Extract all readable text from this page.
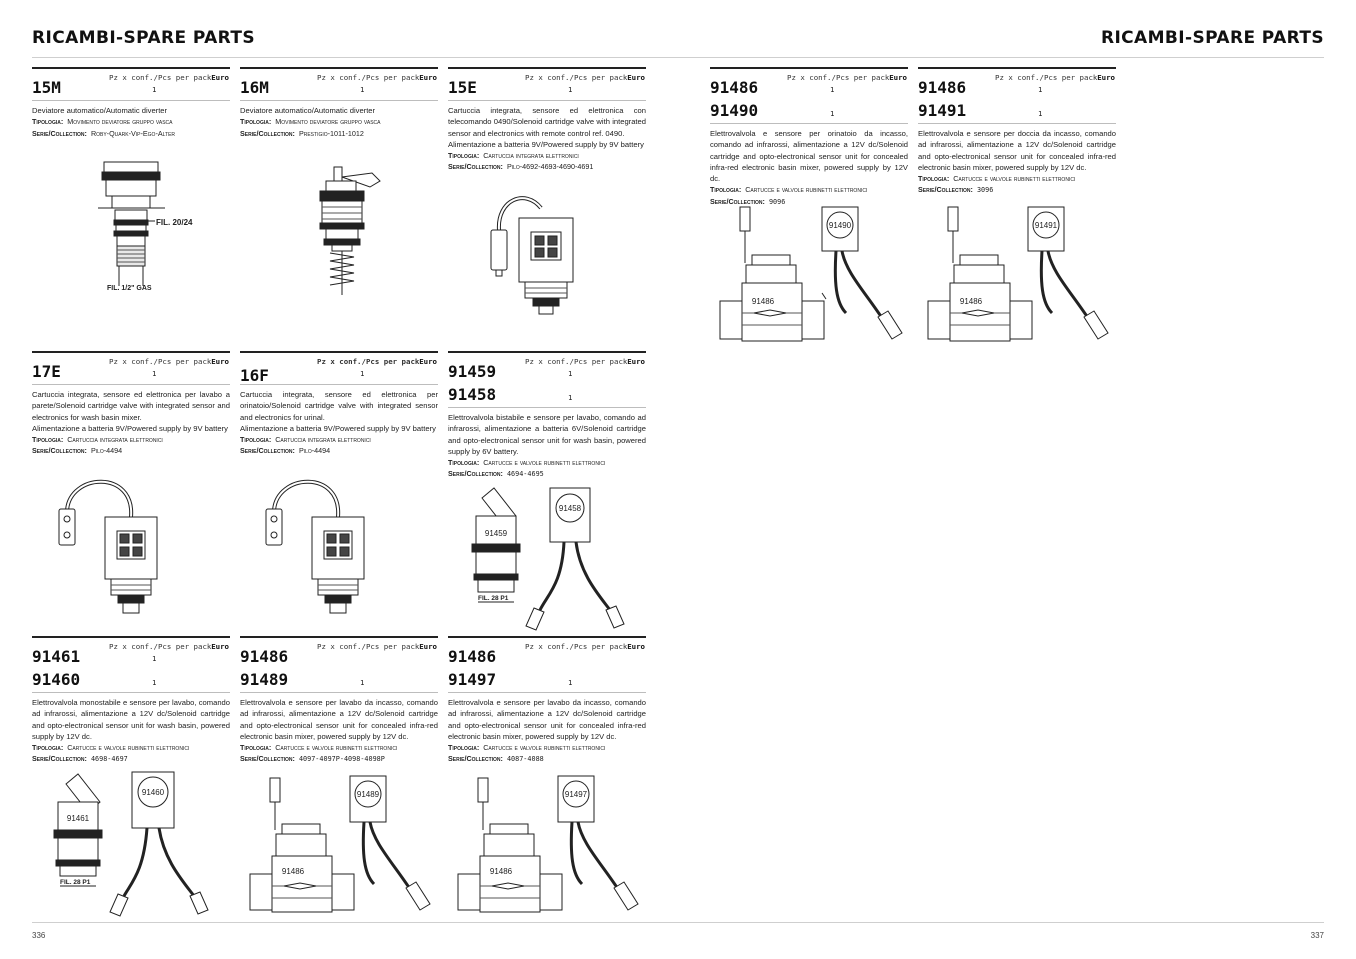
RICAMBI-SPARE PARTS	RICAMBI-SPARE PARTS
336	337
15M
Pz x conf./Pcs per pack Euro
1

Deviatore automatico/Automatic diverter

Tipologia: Movimento deviatore gruppo vasca

Serie/Collection: Roby-Quark-Vip-Ego-Alter

FIL. 20/24
FIL. 1/2" GAS
16M
Pz x conf./Pcs per pack Euro
1

Deviatore automatico/Automatic diverter

Tipologia: Movimento deviatore gruppo vasca

Serie/Collection: Prestigio-1011-1012

15E
Pz x conf./Pcs per pack Euro
1

Cartuccia integrata, sensore ed elettronica con telecomando 0490/Solenoid cartridge valve with integrated sensor and electronics with remote control ref. 0490.

Alimentazione a batteria 9V/Powered supply by 9V battery

Tipologia: Cartuccia integrata elettronici

Serie/Collection: Pilo-4692-4693-4690-4691

91486
91490
Pz x conf./Pcs per pack Euro
1
1

Elettrovalvola e sensore per orinatoio da incasso, comando ad infrarossi, alimentazione a 12V dc/Solenoid cartridge and opto-electronical sensor unit for concealed infra-red electronic basin mixer, powered supply by 12V dc.

Tipologia: Cartucce e valvole rubinetti elettronici

Serie/Collection: 9096

91490
91486
91486
91491
Pz x conf./Pcs per pack Euro
1
1

Elettrovalvola e sensore per doccia da incasso, comando ad infrarossi, alimentazione a 12V dc/Solenoid cartridge and opto-electronical sensor unit for concealed infra-red electronic basin mixer, powered supply by 12V dc.

Tipologia: Cartucce e valvole rubinetti elettronici

Serie/Collection: 3096

91491
91486
17E
Pz x conf./Pcs per pack Euro
1

Cartuccia integrata, sensore ed elettronica per lavabo a parete/Solenoid cartridge valve with integrated sensor and electronics for wash basin mixer.

Alimentazione a batteria 9V/Powered supply by 9V battery

Tipologia: Cartuccia integrata elettronici

Serie/Collection: Pilo-4494

16F
Pz x conf./Pcs per pack Euro
1

Cartuccia integrata, sensore ed elettronica per orinatoio/Solenoid cartridge valve with integrated sensor and electronics for urinal.

Alimentazione a batteria 9V/Powered supply by 9V battery

Tipologia: Cartuccia integrata elettronici

Serie/Collection: Pilo-4494

91459
91458
Pz x conf./Pcs per pack Euro
1
1

Elettrovalvola bistabile e sensore per lavabo, comando ad infrarossi, alimentazione a batteria 6V/Solenoid cartridge and opto-electronical sensor unit for wash basin, powered supply by 6V battery.

Tipologia: Cartucce e valvole rubinetti elettronici

Serie/Collection: 4694-4695

91458
91459
FIL. 28 P1
91461
91460
Pz x conf./Pcs per pack Euro
1
1

Elettrovalvola monostabile e sensore per lavabo, comando ad infrarossi, alimentazione a 12V dc/Solenoid cartridge and opto-electronical sensor unit for wash basin, powered supply by 12V dc.

Tipologia: Cartucce e valvole rubinetti elettronici

Serie/Collection: 4698-4697

91460
91461
FIL. 28 P1
91486
91489
Pz x conf./Pcs per pack Euro
1

Elettrovalvola e sensore per lavabo da incasso, comando ad infrarossi, alimentazione a 12V dc/Solenoid cartridge and opto-electronical sensor unit for concealed infra-red electronic basin mixer, powered supply by 12V dc.

Tipologia: Cartucce e valvole rubinetti elettronici

Serie/Collection: 4097-4097P-4098-4098P

91489
91486
91486
91497
Pz x conf./Pcs per pack Euro
1

Elettrovalvola e sensore per lavabo da incasso, comando ad infrarossi, alimentazione a 12V dc/Solenoid cartridge and opto-electronical sensor unit for concealed infra-red electronic basin mixer, powered supply by 12V dc.

Tipologia: Cartucce e valvole rubinetti elettronici

Serie/Collection: 4087-4088

91497
91486
